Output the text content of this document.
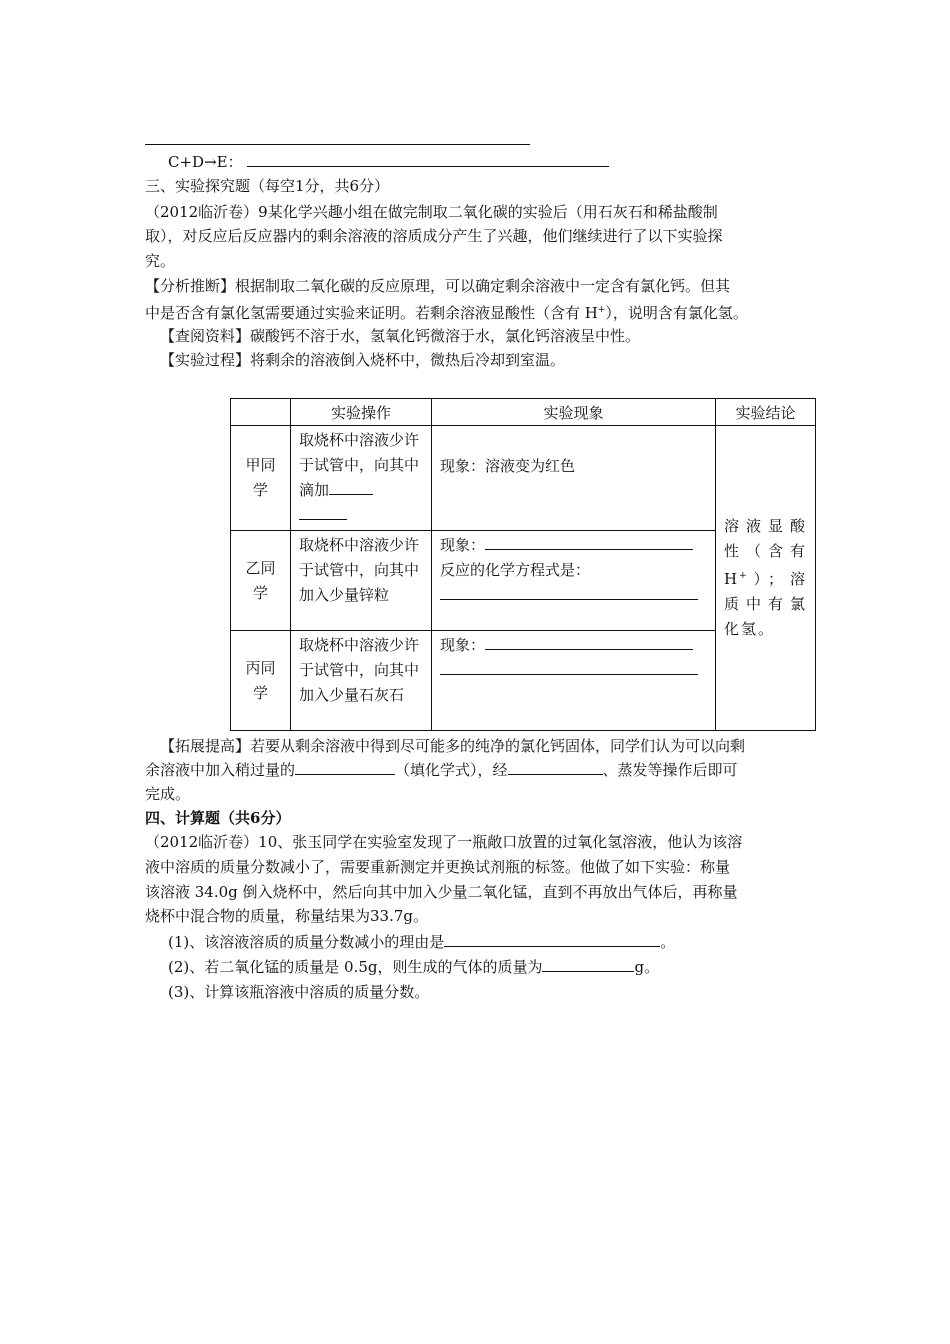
C+D→E：
三、实验探究题（每空1分，共6分）
（2012临沂卷）9某化学兴趣小组在做完制取二氧化碳的实验后（用石灰石和稀盐酸制
取），对反应后反应器内的剩余溶液的溶质成分产生了兴趣，他们继续进行了以下实验探
究。
【分析推断】根据制取二氧化碳的反应原理，可以确定剩余溶液中一定含有氯化钙。但其
中是否含有氯化氢需要通过实验来证明。若剩余溶液显酸性（含有 H+），说明含有氯化氢。
【查阅资料】碳酸钙不溶于水，氢氧化钙微溶于水，氯化钙溶液呈中性。
【实验过程】将剩余的溶液倒入烧杯中，微热后冷却到室温。
	实验操作	实验现象	实验结论
甲同学	取烧杯中溶液少许于试管中，向其中滴加	现象：溶液变为红色	溶液显酸性（含有 H+）；溶质中有氯化氢。
乙同学	取烧杯中溶液少许于试管中，向其中加入少量锌粒	现象：
反应的化学方程式是：	

丙同学	取烧杯中溶液少许于试管中，向其中加入少量石灰石	现象：	

【拓展提高】若要从剩余溶液中得到尽可能多的纯净的氯化钙固体，同学们认为可以向剩
余溶液中加入稍过量的	（填化学式），经	、蒸发等操作后即可
完成。
四、计算题（共6分）
（2012临沂卷）10、张玉同学在实验室发现了一瓶敞口放置的过氧化氢溶液，他认为该溶
液中溶质的质量分数减小了，需要重新测定并更换试剂瓶的标签。他做了如下实验：称量
该溶液 34.0g 倒入烧杯中，然后向其中加入少量二氧化锰，直到不再放出气体后，再称量
烧杯中混合物的质量，称量结果为33.7g。
(1)、该溶液溶质的质量分数减小的理由是	。
(2)、若二氧化锰的质量是 0.5g，则生成的气体的质量为	g。
(3)、计算该瓶溶液中溶质的质量分数。
